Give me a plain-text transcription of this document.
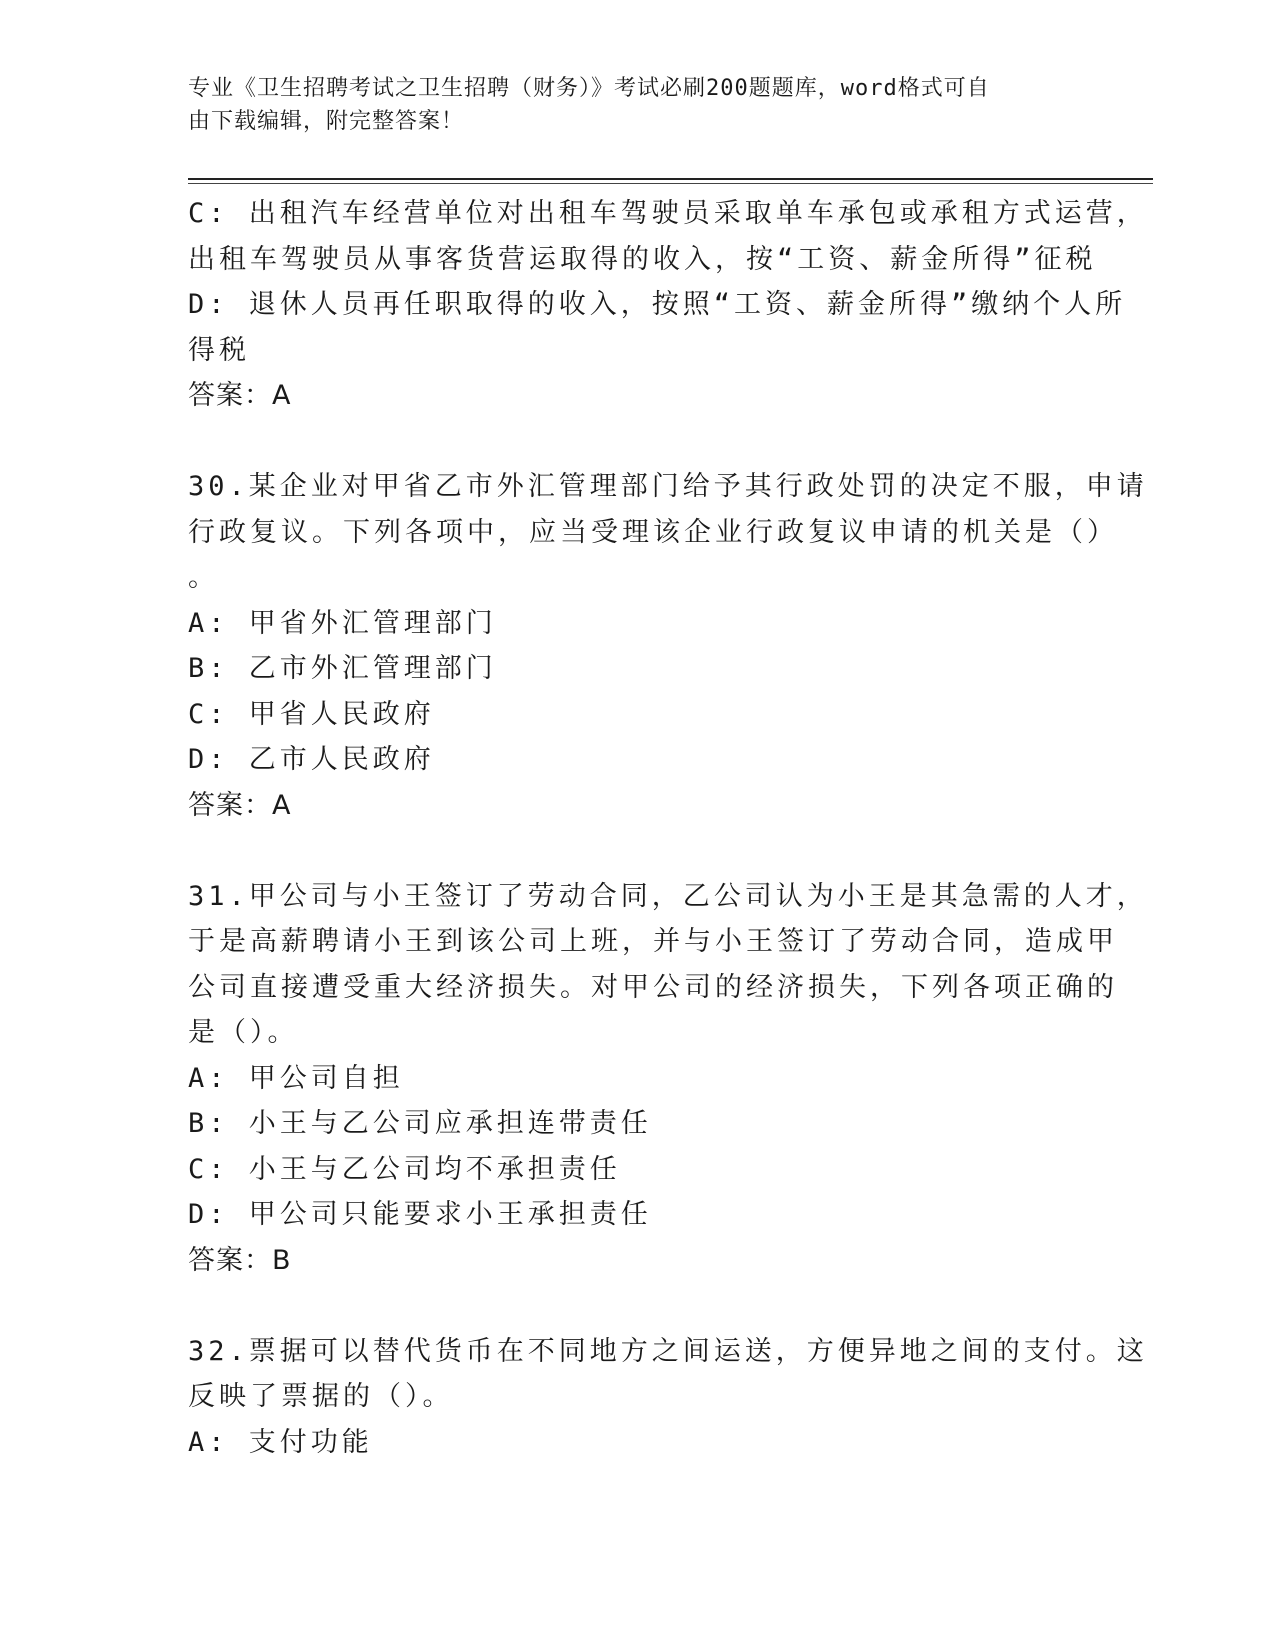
专业《卫生招聘考试之卫生招聘（财务）》考试必刷200题题库，word格式可自
由下载编辑，附完整答案！
C: 出租汽车经营单位对出租车驾驶员采取单车承包或承租方式运营，
出租车驾驶员从事客货营运取得的收入，按“工资、薪金所得”征税
D: 退休人员再任职取得的收入，按照“工资、薪金所得”缴纳个人所
得税
答案：A
30.某企业对甲省乙市外汇管理部门给予其行政处罚的决定不服，申请
行政复议。下列各项中，应当受理该企业行政复议申请的机关是（）
。
A: 甲省外汇管理部门
B: 乙市外汇管理部门
C: 甲省人民政府
D: 乙市人民政府
答案：A
31.甲公司与小王签订了劳动合同，乙公司认为小王是其急需的人才，
于是高薪聘请小王到该公司上班，并与小王签订了劳动合同，造成甲
公司直接遭受重大经济损失。对甲公司的经济损失，下列各项正确的
是（）。
A: 甲公司自担
B: 小王与乙公司应承担连带责任
C: 小王与乙公司均不承担责任
D: 甲公司只能要求小王承担责任
答案：B
32.票据可以替代货币在不同地方之间运送，方便异地之间的支付。这
反映了票据的（）。
A: 支付功能
